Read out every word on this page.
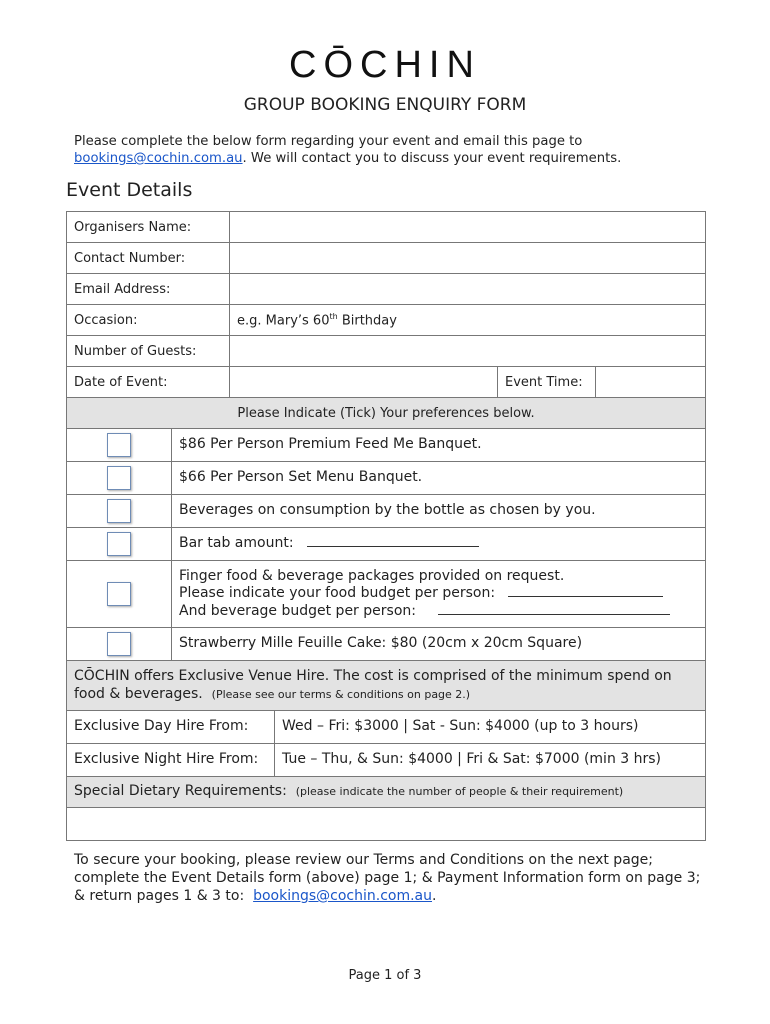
CŌCHIN
GROUP BOOKING ENQUIRY FORM
Please complete the below form regarding your event and email this page to
bookings@cochin.com.au. We will contact you to discuss your event requirements.
Event Details
Organisers Name:					
Contact Number:					
Email Address:					
Occasion:		e.g. Mary’s 60th Birthday			
Number of Guests:					
Date of Event:				Event Time:	
Please Indicate (Tick) Your preferences below.					

	$86 Per Person Premium Feed Me Banquet.				

	$66 Per Person Set Menu Banquet.				

	Beverages on consumption by the bottle as chosen by you.				

	Bar tab amount:				

	Finger food & beverage packages provided on request.
Please indicate your food budget per person:
And beverage budget per person:				

	Strawberry Mille Feuille Cake: $80 (20cm x 20cm Square)				
CŌCHIN offers Exclusive Venue Hire. The cost is comprised of the minimum spend on food & beverages. (Please see our terms & conditions on page 2.)					
Exclusive Day Hire From:			Wed – Fri: $3000 | Sat - Sun: $4000 (up to 3 hours)		
Exclusive Night Hire From:			Tue – Thu, & Sun: $4000 | Fri & Sat: $7000 (min 3 hrs)		
Special Dietary Requirements: (please indicate the number of people & their requirement)					

To secure your booking, please review our Terms and Conditions on the next page; complete the Event Details form (above) page 1; & Payment Information form on page 3; & return pages 1 & 3 to: bookings@cochin.com.au.
Page 1 of 3
